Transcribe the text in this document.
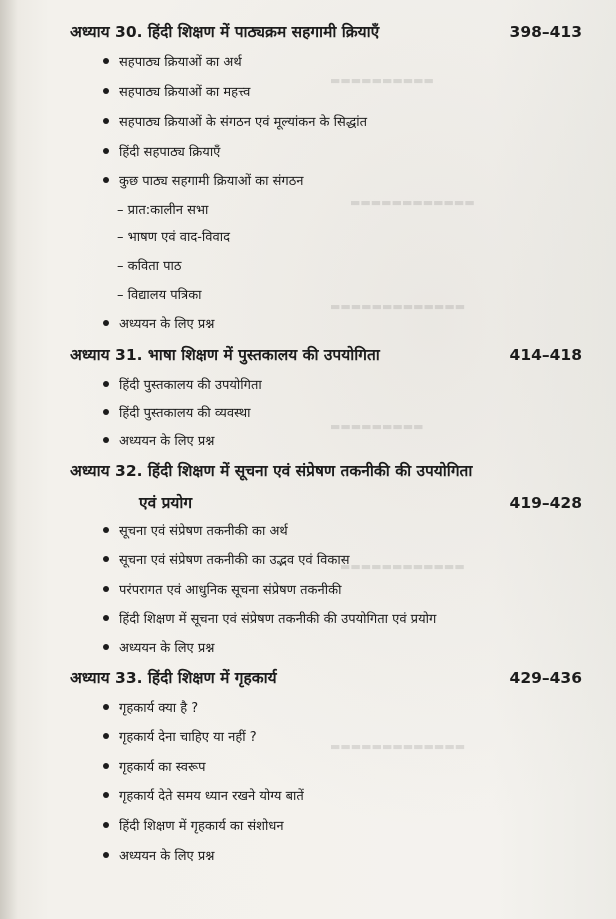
▬▬▬▬▬▬▬▬▬▬
▬▬▬▬▬▬▬▬▬▬▬▬
▬▬▬▬▬▬▬▬▬▬▬▬▬
▬▬▬▬▬▬▬▬▬
▬▬▬▬▬▬▬▬▬▬▬▬
▬▬▬▬▬▬▬▬▬▬▬▬▬
अध्याय 30. हिंदी शिक्षण में पाठ्यक्रम सहगामी क्रियाएँ	398–413
सहपाठ्य क्रियाओं का अर्थ
सहपाठ्य क्रियाओं का महत्त्व
सहपाठ्य क्रियाओं के संगठन एवं मूल्यांकन के सिद्धांत
हिंदी सहपाठ्य क्रियाएँ
कुछ पाठ्य सहगामी क्रियाओं का संगठन
– प्रात:कालीन सभा
– भाषण एवं वाद-विवाद
– कविता पाठ
– विद्यालय पत्रिका
अध्ययन के लिए प्रश्न
अध्याय 31. भाषा शिक्षण में पुस्तकालय की उपयोगिता	414–418
हिंदी पुस्तकालय की उपयोगिता
हिंदी पुस्तकालय की व्यवस्था
अध्ययन के लिए प्रश्न
अध्याय 32. हिंदी शिक्षण में सूचना एवं संप्रेषण तकनीकी की उपयोगिता
एवं प्रयोग	419–428
सूचना एवं संप्रेषण तकनीकी का अर्थ
सूचना एवं संप्रेषण तकनीकी का उद्भव एवं विकास
परंपरागत एवं आधुनिक सूचना संप्रेषण तकनीकी
हिंदी शिक्षण में सूचना एवं संप्रेषण तकनीकी की उपयोगिता एवं प्रयोग
अध्ययन के लिए प्रश्न
अध्याय 33. हिंदी शिक्षण में गृहकार्य	429–436
गृहकार्य क्या है ?
गृहकार्य देना चाहिए या नहीं ?
गृहकार्य का स्वरूप
गृहकार्य देते समय ध्यान रखने योग्य बातें
हिंदी शिक्षण में गृहकार्य का संशोधन
अध्ययन के लिए प्रश्न
